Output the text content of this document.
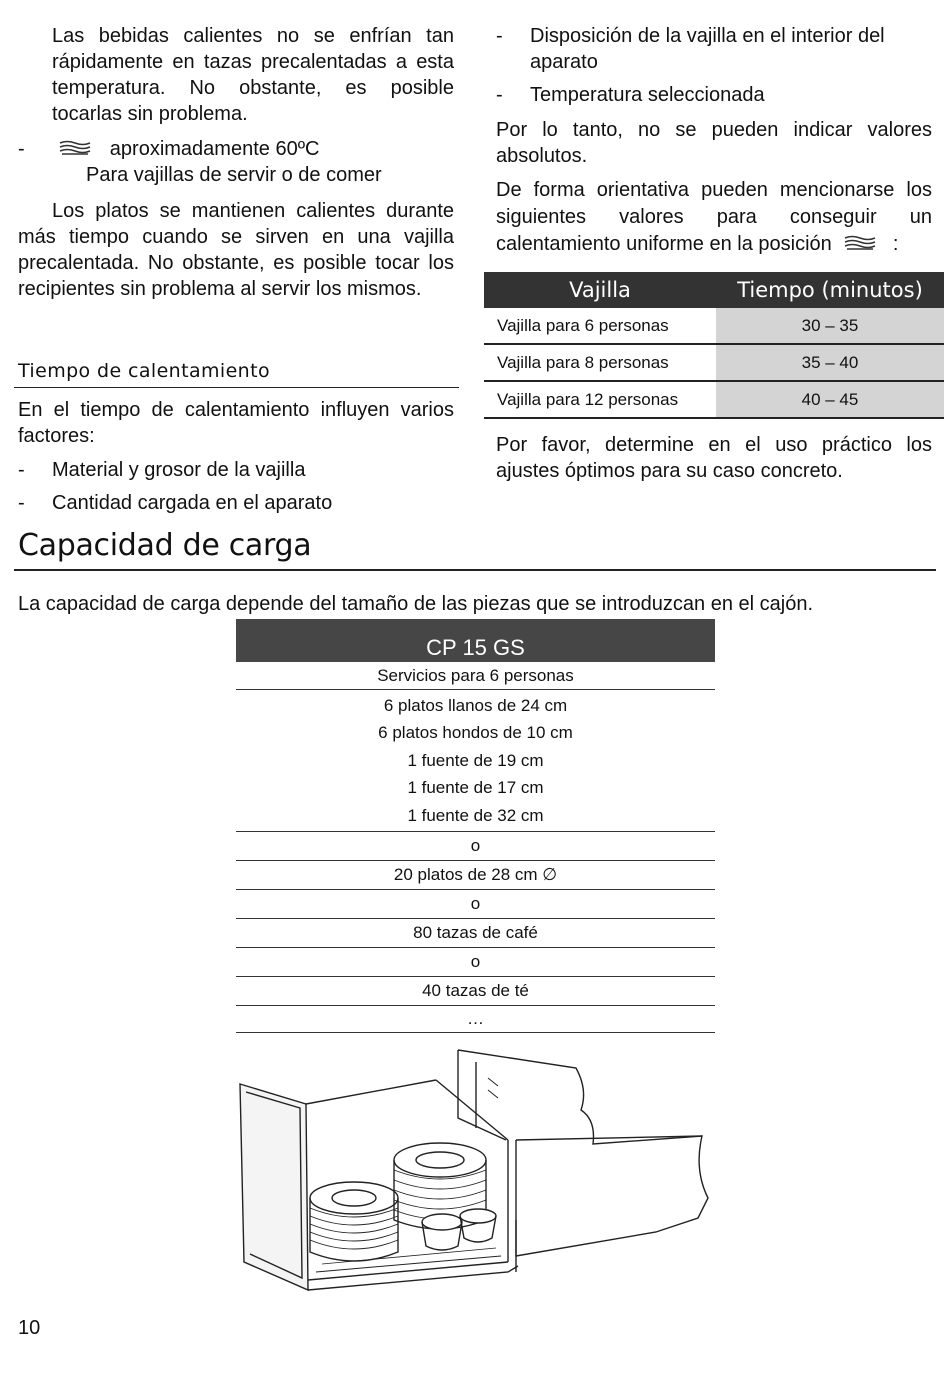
Las bebidas calientes no se enfrían tan rápidamente en tazas precalentadas a esta temperatura. No obstante, es posible tocarlas sin problema.

-	aproximadamente 60ºC

Para vajillas de servir o de comer

Los platos se mantienen calientes durante más tiempo cuando se sirven en una vajilla precalentada. No obstante, es posible tocar los recipientes sin problema al servir los mismos.

Tiempo de calentamiento

En el tiempo de calentamiento influyen varios factores:

- Material y grosor de la vajilla
- Cantidad cargada en el aparato
- Disposición de la vajilla en el interior del aparato
- Temperatura seleccionada

Por lo tanto, no se pueden indicar valores absolutos.

De forma orientativa pueden mencionarse los siguientes valores para conseguir un calentamiento uniforme en la posición	:
Vajilla	Tiempo (minutos)
Vajilla para 6 personas	30 – 35
Vajilla para 8 personas	35 – 40
Vajilla para 12 personas	40 – 45

Por favor, determine en el uso práctico los ajustes óptimos para su caso concreto.

Capacidad de carga

La capacidad de carga depende del tamaño de las piezas que se introduzcan en el cajón.

CP 15 GS
Servicios para 6 personas
6 platos llanos de 24 cm
6 platos hondos de 10 cm
1 fuente de 19 cm
1 fuente de 17 cm
1 fuente de 32 cm
o
20 platos de 28 cm ∅
o
80 tazas de café
o
40 tazas de té
…
10
